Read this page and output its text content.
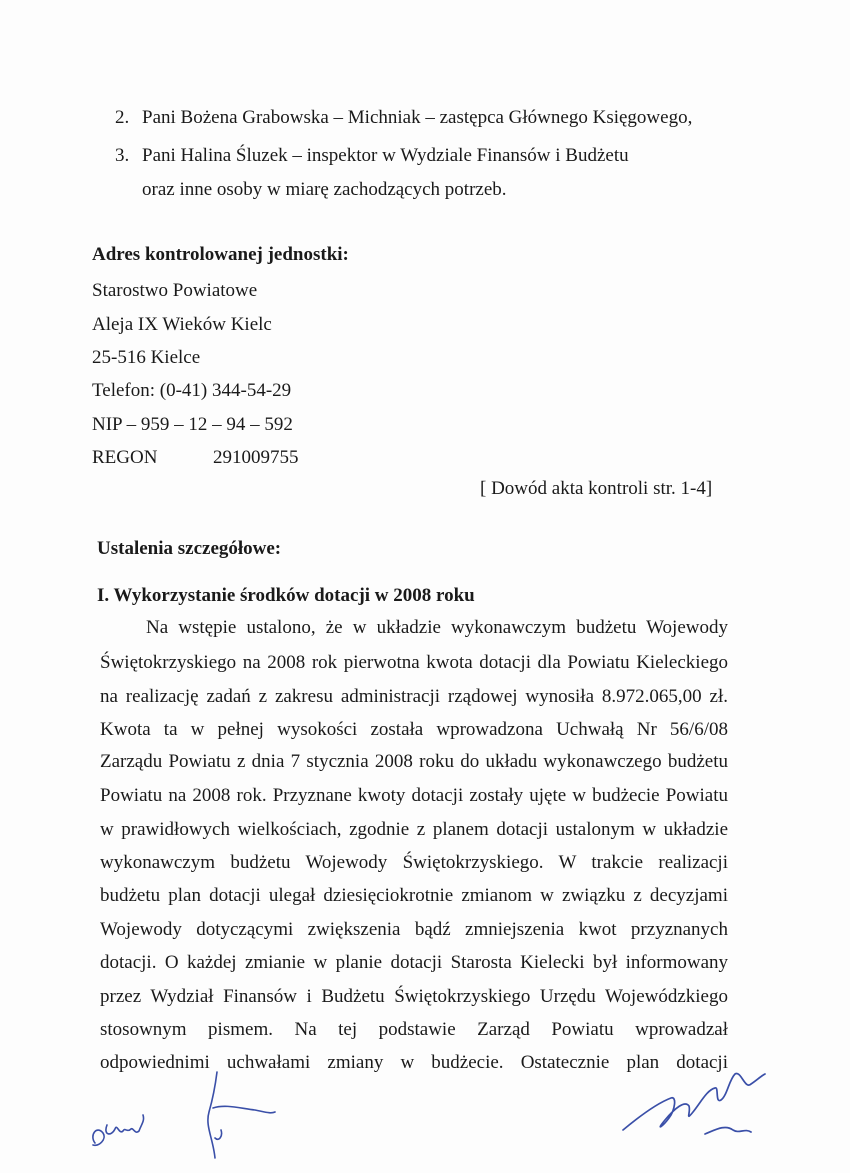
2. Pani Bożena Grabowska – Michniak – zastępca Głównego Księgowego,
3. Pani Halina Śluzek – inspektor w Wydziale Finansów i Budżetu
oraz inne osoby w miarę zachodzących potrzeb.
Adres kontrolowanej jednostki:
Starostwo Powiatowe
Aleja IX Wieków Kielc
25-516 Kielce
Telefon: (0-41) 344-54-29
NIP – 959 – 12 – 94 – 592
REGON	291009755
[ Dowód akta kontroli str. 1-4]
Ustalenia szczegółowe:
I. Wykorzystanie środków dotacji w 2008 roku
Na wstępie ustalono, że w układzie wykonawczym budżetu Wojewody
Świętokrzyskiego na 2008 rok pierwotna kwota dotacji dla Powiatu Kieleckiego
na realizację zadań z zakresu administracji rządowej wynosiła 8.972.065,00 zł.
Kwota ta w pełnej wysokości została wprowadzona Uchwałą Nr 56/6/08
Zarządu Powiatu z dnia 7 stycznia 2008 roku do układu wykonawczego budżetu
Powiatu na 2008 rok. Przyznane kwoty dotacji zostały ujęte w budżecie Powiatu
w prawidłowych wielkościach, zgodnie z planem dotacji ustalonym w układzie
wykonawczym budżetu Wojewody Świętokrzyskiego. W trakcie realizacji
budżetu plan dotacji ulegał dziesięciokrotnie zmianom w związku z decyzjami
Wojewody dotyczącymi zwiększenia bądź zmniejszenia kwot przyznanych
dotacji. O każdej zmianie w planie dotacji Starosta Kielecki był informowany
przez Wydział Finansów i Budżetu Świętokrzyskiego Urzędu Wojewódzkiego
stosownym pismem. Na tej podstawie Zarząd Powiatu wprowadzał
odpowiednimi uchwałami zmiany w budżecie. Ostatecznie plan dotacji
